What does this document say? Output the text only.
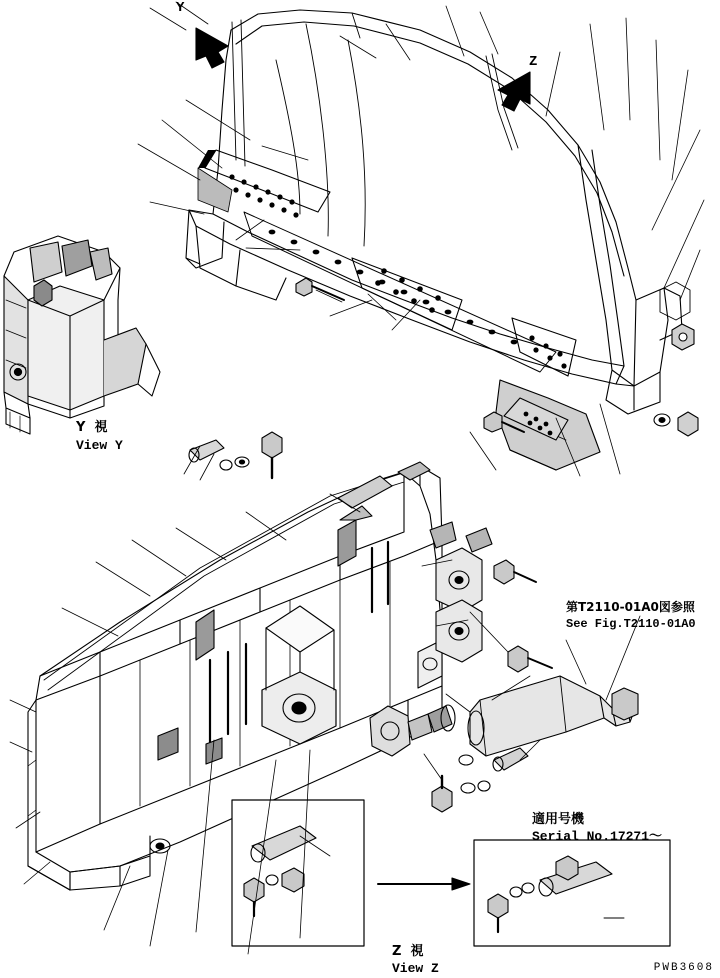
Y  視
View Y
Z  視
View Z
第T2110-01A0図参照
See Fig.T2110-01A0
適用号機
Serial No.17271～
Y
Z
PWB3608
